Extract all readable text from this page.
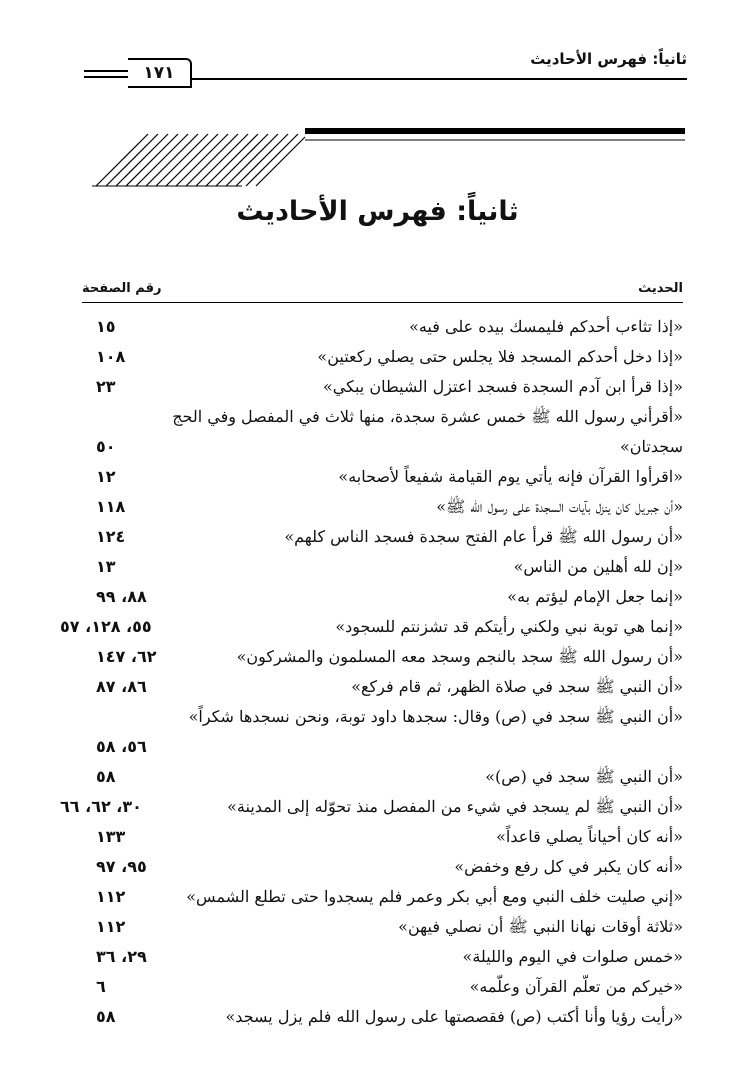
ثانياً: فهرس الأحاديث
١٧١
ثانياً: فهرس الأحاديث
الحديث
رقم الصفحة
«إذا تثاءب أحدكم فليمسك بيده على فيه»
١٥
«إذا دخل أحدكم المسجد فلا يجلس حتى يصلي ركعتين»
١٠٨
«إذا قرأ ابن آدم السجدة فسجد اعتزل الشيطان يبكي»
٢٣
«أقرأني رسول الله ﷺ خمس عشرة سجدة، منها ثلاث في المفصل وفي الحج سجدتان»
٥٠
«اقرأوا القرآن فإنه يأتي يوم القيامة شفيعاً لأصحابه»
١٢
«أن جبريل كان ينزل بآيات السجدة على رسول الله ﷺ»
١١٨
«أن رسول الله ﷺ قرأ عام الفتح سجدة فسجد الناس كلهم»
١٢٤
«إن لله أهلين من الناس»
١٣
«إنما جعل الإمام ليؤتم به»
٨٨، ٩٩
«إنما هي توبة نبي ولكني رأيتكم قد تشزنتم للسجود»
٥٥، ١٢٨، ٥٧
«أن رسول الله ﷺ سجد بالنجم وسجد معه المسلمون والمشركون»
٦٢، ١٤٧
«أن النبي ﷺ سجد في صلاة الظهر، ثم قام فركع»
٨٦، ٨٧
«أن النبي ﷺ سجد في (ص) وقال: سجدها داود توبة، ونحن نسجدها شكراً»
٥٦، ٥٨
«أن النبي ﷺ سجد في (ص)»
٥٨
«أن النبي ﷺ لم يسجد في شيء من المفصل منذ تحوّله إلى المدينة»
٣٠، ٦٢، ٦٦
«أنه كان أحياناً يصلي قاعداً»
١٣٣
«أنه كان يكبر في كل رفع وخفض»
٩٥، ٩٧
«إني صليت خلف النبي ومع أبي بكر وعمر فلم يسجدوا حتى تطلع الشمس»
١١٢
«ثلاثة أوقات نهانا النبي ﷺ أن نصلي فيهن»
١١٢
«خمس صلوات في اليوم والليلة»
٢٩، ٣٦
«خيركم من تعلّم القرآن وعلّمه»
٦
«رأيت رؤيا وأنا أكتب (ص) فقصصتها على رسول الله فلم يزل يسجد»
٥٨
